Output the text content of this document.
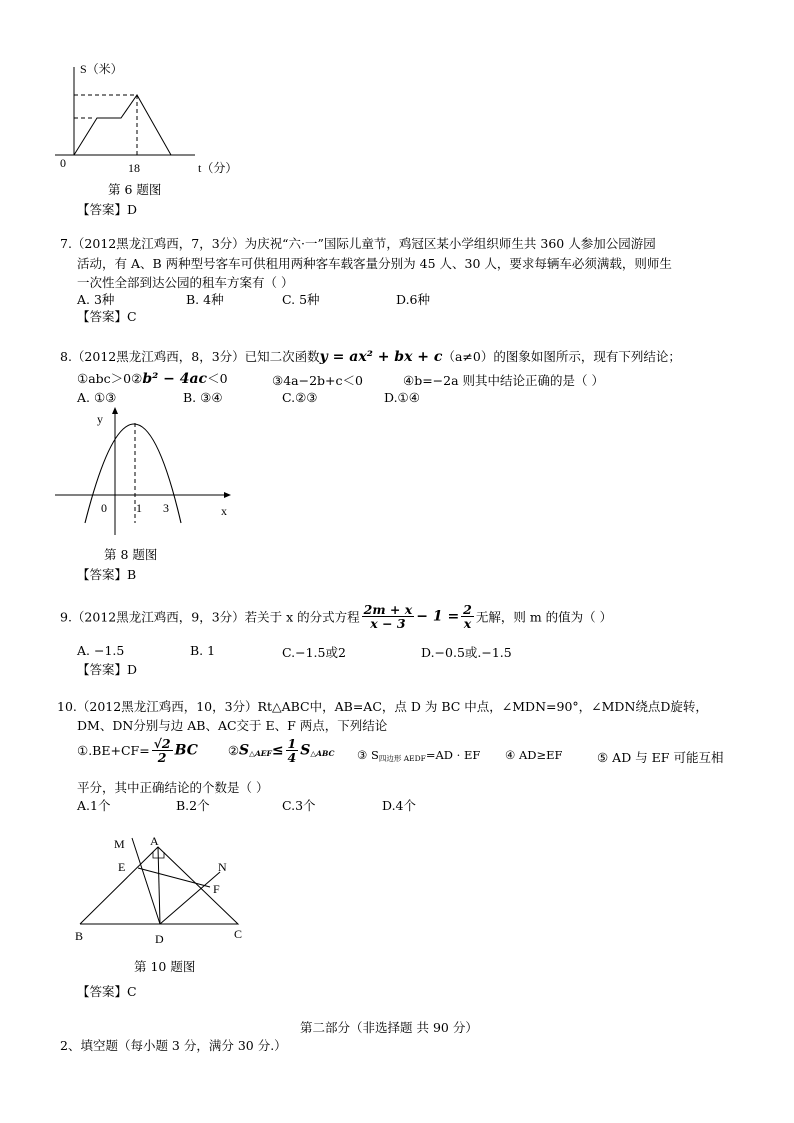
S（米）
0	18	t（分）
第 6 题图
【答案】D
7.（2012黑龙江鸡西，7，3分）为庆祝“六·一”国际儿童节，鸡冠区某小学组织师生共 360 人参加公园游园
活动，有 A、B 两种型号客车可供租用两种客车载客量分别为 45 人、30 人，要求每辆车必须满载，则师生
一次性全部到达公园的租车方案有（ ）
A. 3种	B. 4种	C. 5种	D.6种
【答案】C
8.（2012黑龙江鸡西，8，3分）已知二次函数y = ax² + bx + c（a≠0）的图象如图所示，现有下列结论；
①abc＞0②b² − 4ac＜0	③4a−2b+c＜0	④b=−2a 则其中结论正确的是（ ）
A. ①③	B. ③④	C.②③	D.①④
y
x
0 1 3
第 8 题图
【答案】B
9.（2012黑龙江鸡西，9，3分）若关于 x 的分式方程 $\frac{2m + x}{x - 3} - 1 = \frac{2}{x}$ 无解，则 m 的值为（ ）
A. −1.5	B. 1	C.−1.5或2	D.−0.5或.−1.5
【答案】D
10.（2012黑龙江鸡西，10，3分）Rt△ABC中，AB=AC，点 D 为 BC 中点，∠MDN=90°，∠MDN绕点D旋转，
DM、DN分别与边 AB、AC交于 E、F 两点，下列结论
①.BE+CF= $\frac{√2}{2}$ BC $②S_{\triangle AEF}\le \frac{1}{4} S_{\triangle ABC}$ ③ $S_{四边形 AEDF}=AD$ · EF ④ AD≥EF	⑤ AD 与 EF 可能互相
平分，其中正确结论的个数是（ ）
A.1个	B.2个	C.3个	D.4个
M A
N
E
F
B	D	C
第 10 题图
【答案】C
第二部分（非选择题 共 90 分）
2、填空题（每小题 3 分，满分 30 分.）
